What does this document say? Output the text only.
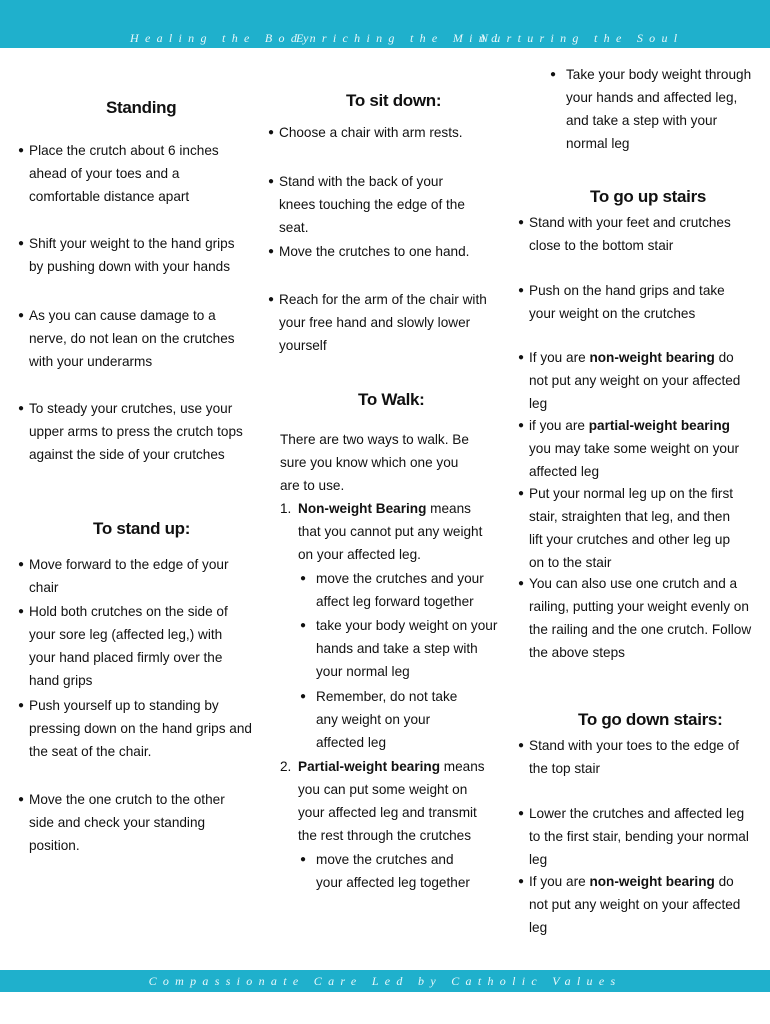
Healing the Body
Enriching the Mind
Nurturing the Soul
Standing
● Place the crutch about 6 inches ahead of your toes and a comfortable distance apart
● Shift your weight to the hand grips by pushing down with your hands
● As you can cause damage to a nerve, do not lean on the crutches with your underarms
● To steady your crutches, use your upper arms to press the crutch tops against the side of your crutches
To stand up:
● Move forward to the edge of your chair
● Hold both crutches on the side of your sore leg (affected leg,) with your hand placed firmly over the hand grips
● Push yourself up to standing by pressing down on the hand grips and the seat of the chair.
● Move the one crutch to the other side and check your standing position.
To sit down:
● Choose a chair with arm rests.
● Stand with the back of your knees touching the edge of the seat.
● Move the crutches to one hand.
● Reach for the arm of the chair with your free hand and slowly lower yourself
To Walk:
There are two ways to walk. Be sure you know which one you are to use.
1. Non-weight Bearing means that you cannot put any weight on your affected leg.
● move the crutches and your affect leg forward together
● take your body weight on your hands and take a step with your normal leg
● Remember, do not take any weight on your affected leg
2. Partial-weight bearing means you can put some weight on your affected leg and transmit the rest through the crutches
● move the crutches and your affected leg together
● Take your body weight through your hands and affected leg, and take a step with your normal leg
To go up stairs
● Stand with your feet and crutches close to the bottom stair
● Push on the hand grips and take your weight on the crutches
● If you are non-weight bearing do not put any weight on your affected leg
● if you are partial-weight bearing you may take some weight on your affected leg
● Put your normal leg up on the first stair, straighten that leg, and then lift your crutches and other leg up on to the stair
● You can also use one crutch and a railing, putting your weight evenly on the railing and the one crutch. Follow the above steps
To go down stairs:
● Stand with your toes to the edge of the top stair
● Lower the crutches and affected leg to the first stair, bending your normal leg
● If you are non-weight bearing do not put any weight on your affected leg
Compassionate Care Led by Catholic Values
